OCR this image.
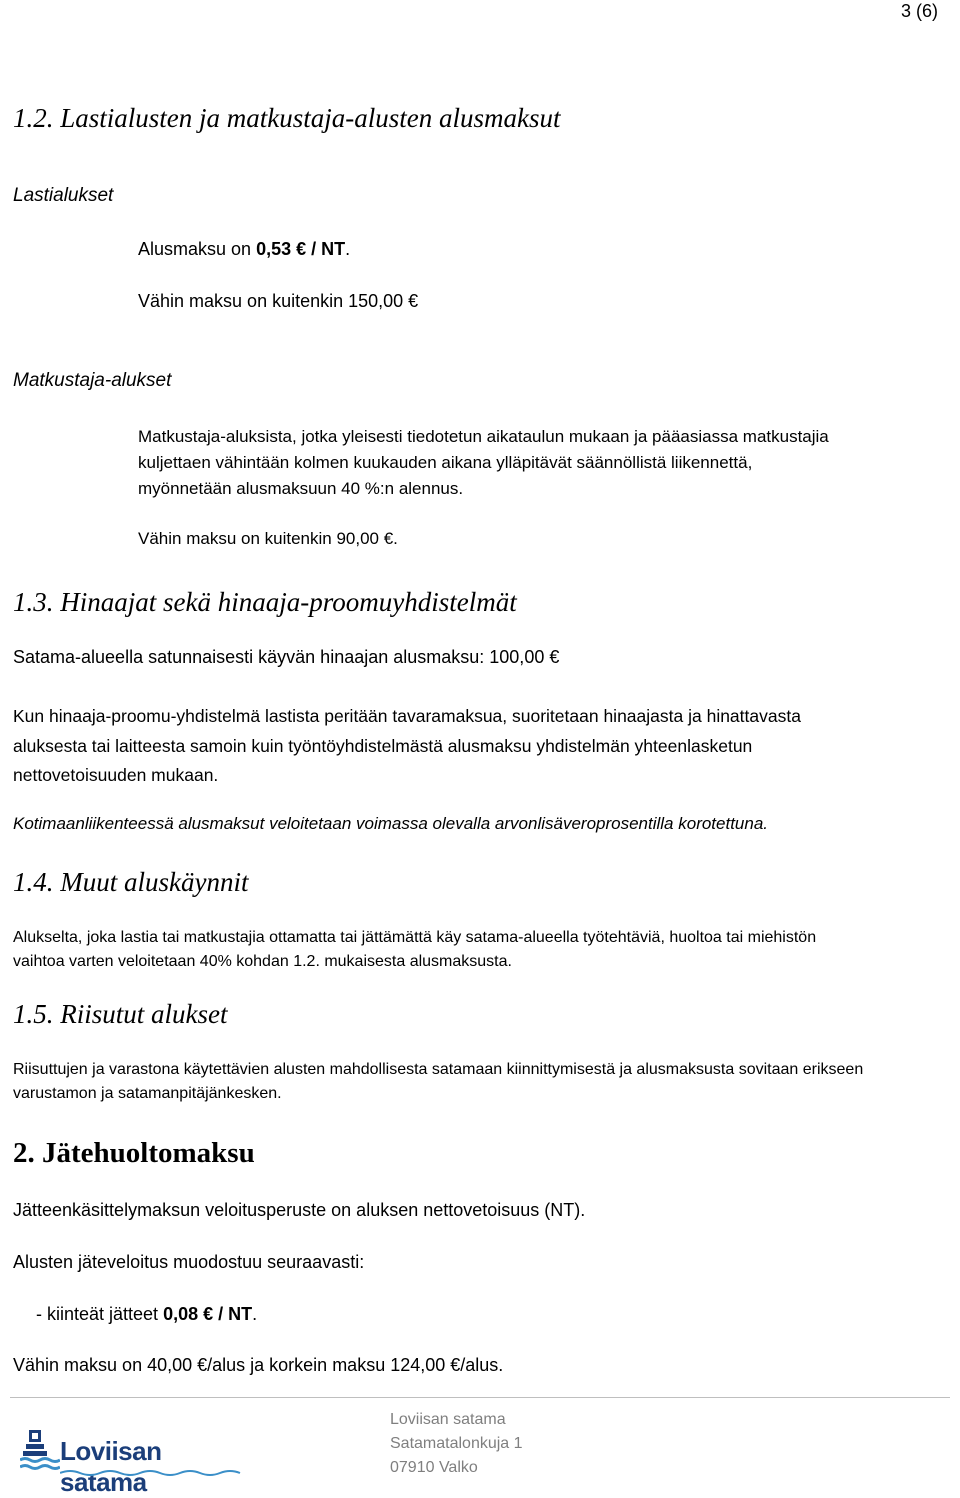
3 (6)
1.2. Lastialusten ja matkustaja-alusten alusmaksut
Lastialukset
Alusmaksu on 0,53 € / NT.
Vähin maksu on kuitenkin 150,00 €
Matkustaja-alukset
Matkustaja-aluksista, jotka yleisesti tiedotetun aikataulun mukaan ja pääasiassa matkustajia
kuljettaen vähintään kolmen kuukauden aikana ylläpitävät säännöllistä liikennettä,
myönnetään alusmaksuun 40 %:n alennus.
Vähin maksu on kuitenkin 90,00 €.
1.3. Hinaajat sekä hinaaja-proomuyhdistelmät
Satama-alueella satunnaisesti käyvän hinaajan alusmaksu: 100,00 €
Kun hinaaja-proomu-yhdistelmä lastista peritään tavaramaksua, suoritetaan hinaajasta ja hinattavasta
aluksesta tai laitteesta samoin kuin työntöyhdistelmästä alusmaksu yhdistelmän yhteenlasketun
nettovetoisuuden mukaan.
Kotimaanliikenteessä alusmaksut veloitetaan voimassa olevalla arvonlisäveroprosentilla korotettuna.
1.4. Muut aluskäynnit
Alukselta, joka lastia tai matkustajia ottamatta tai jättämättä käy satama-alueella työtehtäviä, huoltoa tai miehistön
vaihtoa varten veloitetaan 40% kohdan 1.2. mukaisesta alusmaksusta.
1.5. Riisutut alukset
Riisuttujen ja varastona käytettävien alusten mahdollisesta satamaan kiinnittymisestä ja alusmaksusta sovitaan erikseen
varustamon ja satamanpitäjänkesken.
2. Jätehuoltomaksu
Jätteenkäsittelymaksun veloitusperuste on aluksen nettovetoisuus (NT).
Alusten jäteveloitus muodostuu seuraavasti:
- kiinteät jätteet 0,08 € / NT.
Vähin maksu on 40,00 €/alus ja korkein maksu 124,00 €/alus.
Loviisan satama
Loviisan satama
Satamatalonkuja 1
07910 Valko
